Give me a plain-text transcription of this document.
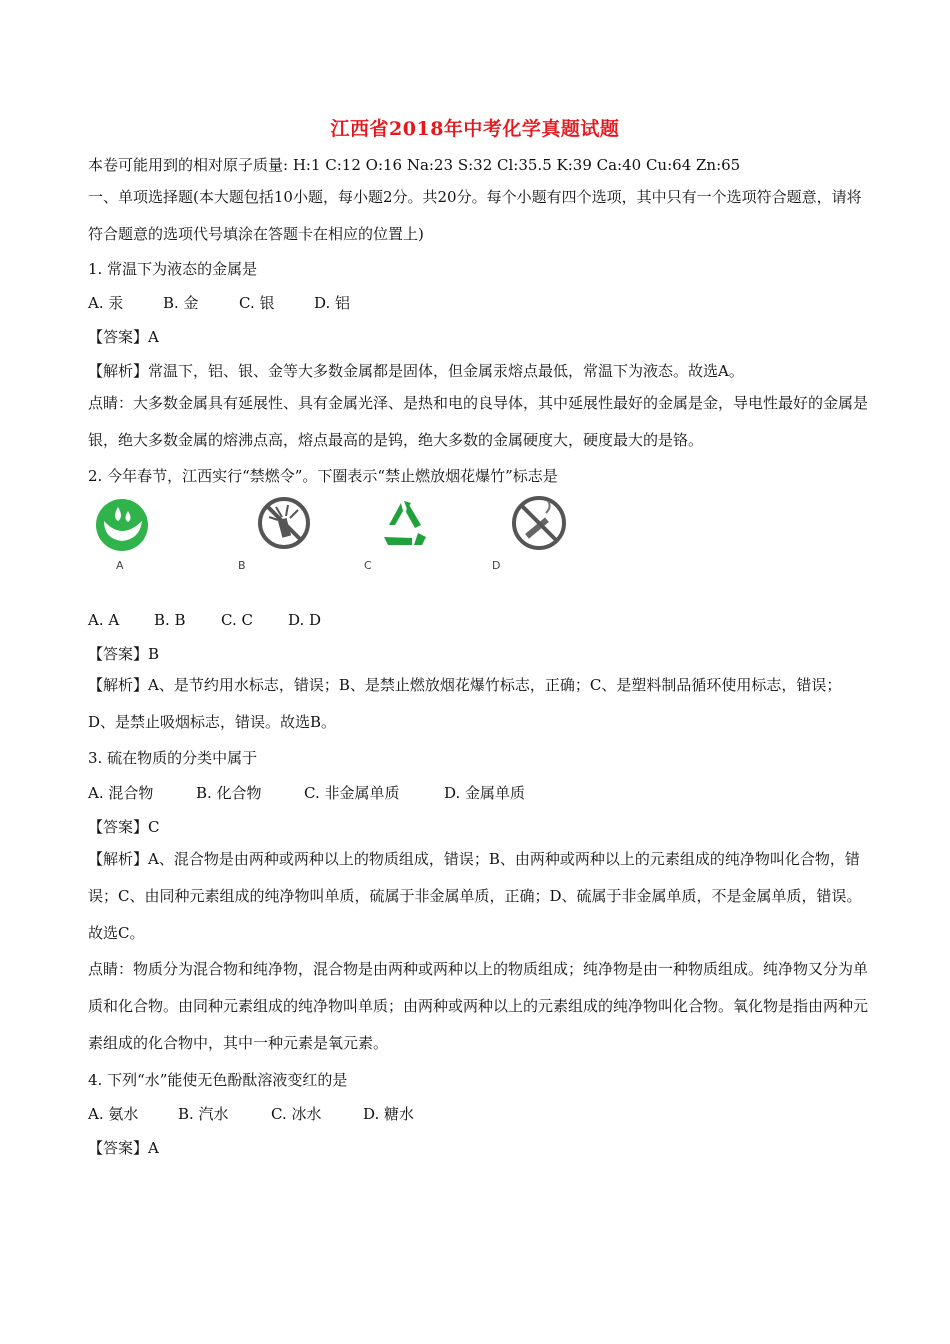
江西省2018年中考化学真题试题
本卷可能用到的相对原子质量: H:1 C:12 O:16 Na:23 S:32 Cl:35.5 K:39 Ca:40 Cu:64 Zn:65
一、单项选择题(本大题包括10小题，每小题2分。共20分。每个小题有四个选项，其中只有一个选项符合题意，请将符合题意的选项代号填涂在答题卡在相应的位置上)
1. 常温下为液态的金属是
A. 汞	B. 金	C. 银	D. 铝
【答案】A
【解析】常温下，铝、银、金等大多数金属都是固体，但金属汞熔点最低，常温下为液态。故选A。
点睛：大多数金属具有延展性、具有金属光泽、是热和电的良导体，其中延展性最好的金属是金，导电性最好的金属是银，绝大多数金属的熔沸点高，熔点最高的是钨，绝大多数的金属硬度大，硬度最大的是铬。
2. 今年春节，江西实行“禁燃令”。下圈表示“禁止燃放烟花爆竹”标志是
A	B	C	D
A. A B. B C. C D. D
【答案】B
【解析】A、是节约用水标志，错误；B、是禁止燃放烟花爆竹标志，正确；C、是塑料制品循环使用标志，错误；D、是禁止吸烟标志，错误。故选B。
3. 硫在物质的分类中属于
A. 混合物	B. 化合物	C. 非金属单质	D. 金属单质
【答案】C
【解析】A、混合物是由两种或两种以上的物质组成，错误；B、由两种或两种以上的元素组成的纯净物叫化合物，错误；C、由同种元素组成的纯净物叫单质，硫属于非金属单质，正确；D、硫属于非金属单质，不是金属单质，错误。故选C。
点睛：物质分为混合物和纯净物，混合物是由两种或两种以上的物质组成；纯净物是由一种物质组成。纯净物又分为单质和化合物。由同种元素组成的纯净物叫单质；由两种或两种以上的元素组成的纯净物叫化合物。氧化物是指由两种元素组成的化合物中，其中一种元素是氧元素。
4. 下列“水”能使无色酚酞溶液变红的是
A. 氨水	B. 汽水	C. 冰水	D. 糖水
【答案】A
